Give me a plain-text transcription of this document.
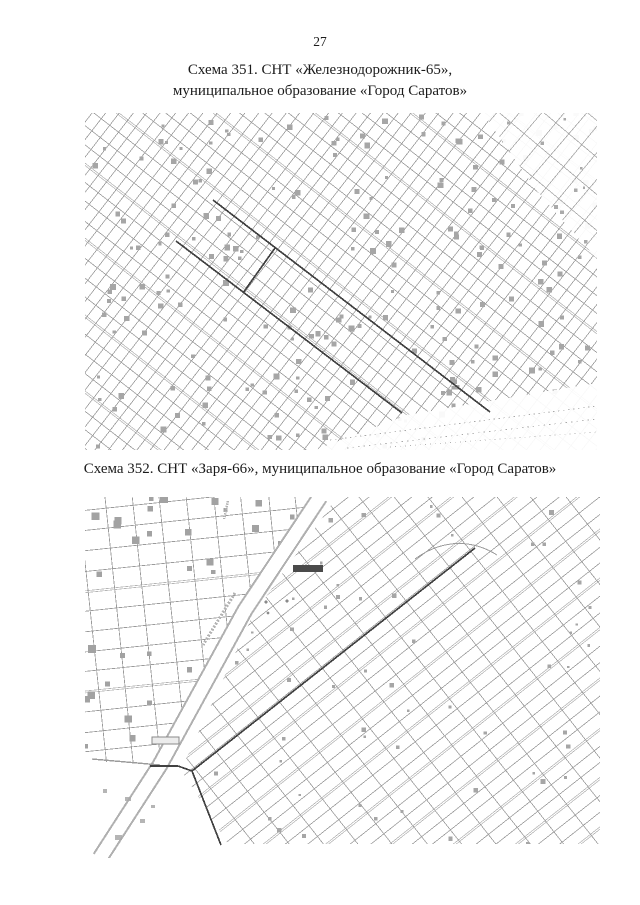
27
Схема 351. СНТ «Железнодорожник-65»,
муниципальное образование «Город Саратов»
Схема 352. СНТ «Заря-66», муниципальное образование «Город Саратов»
